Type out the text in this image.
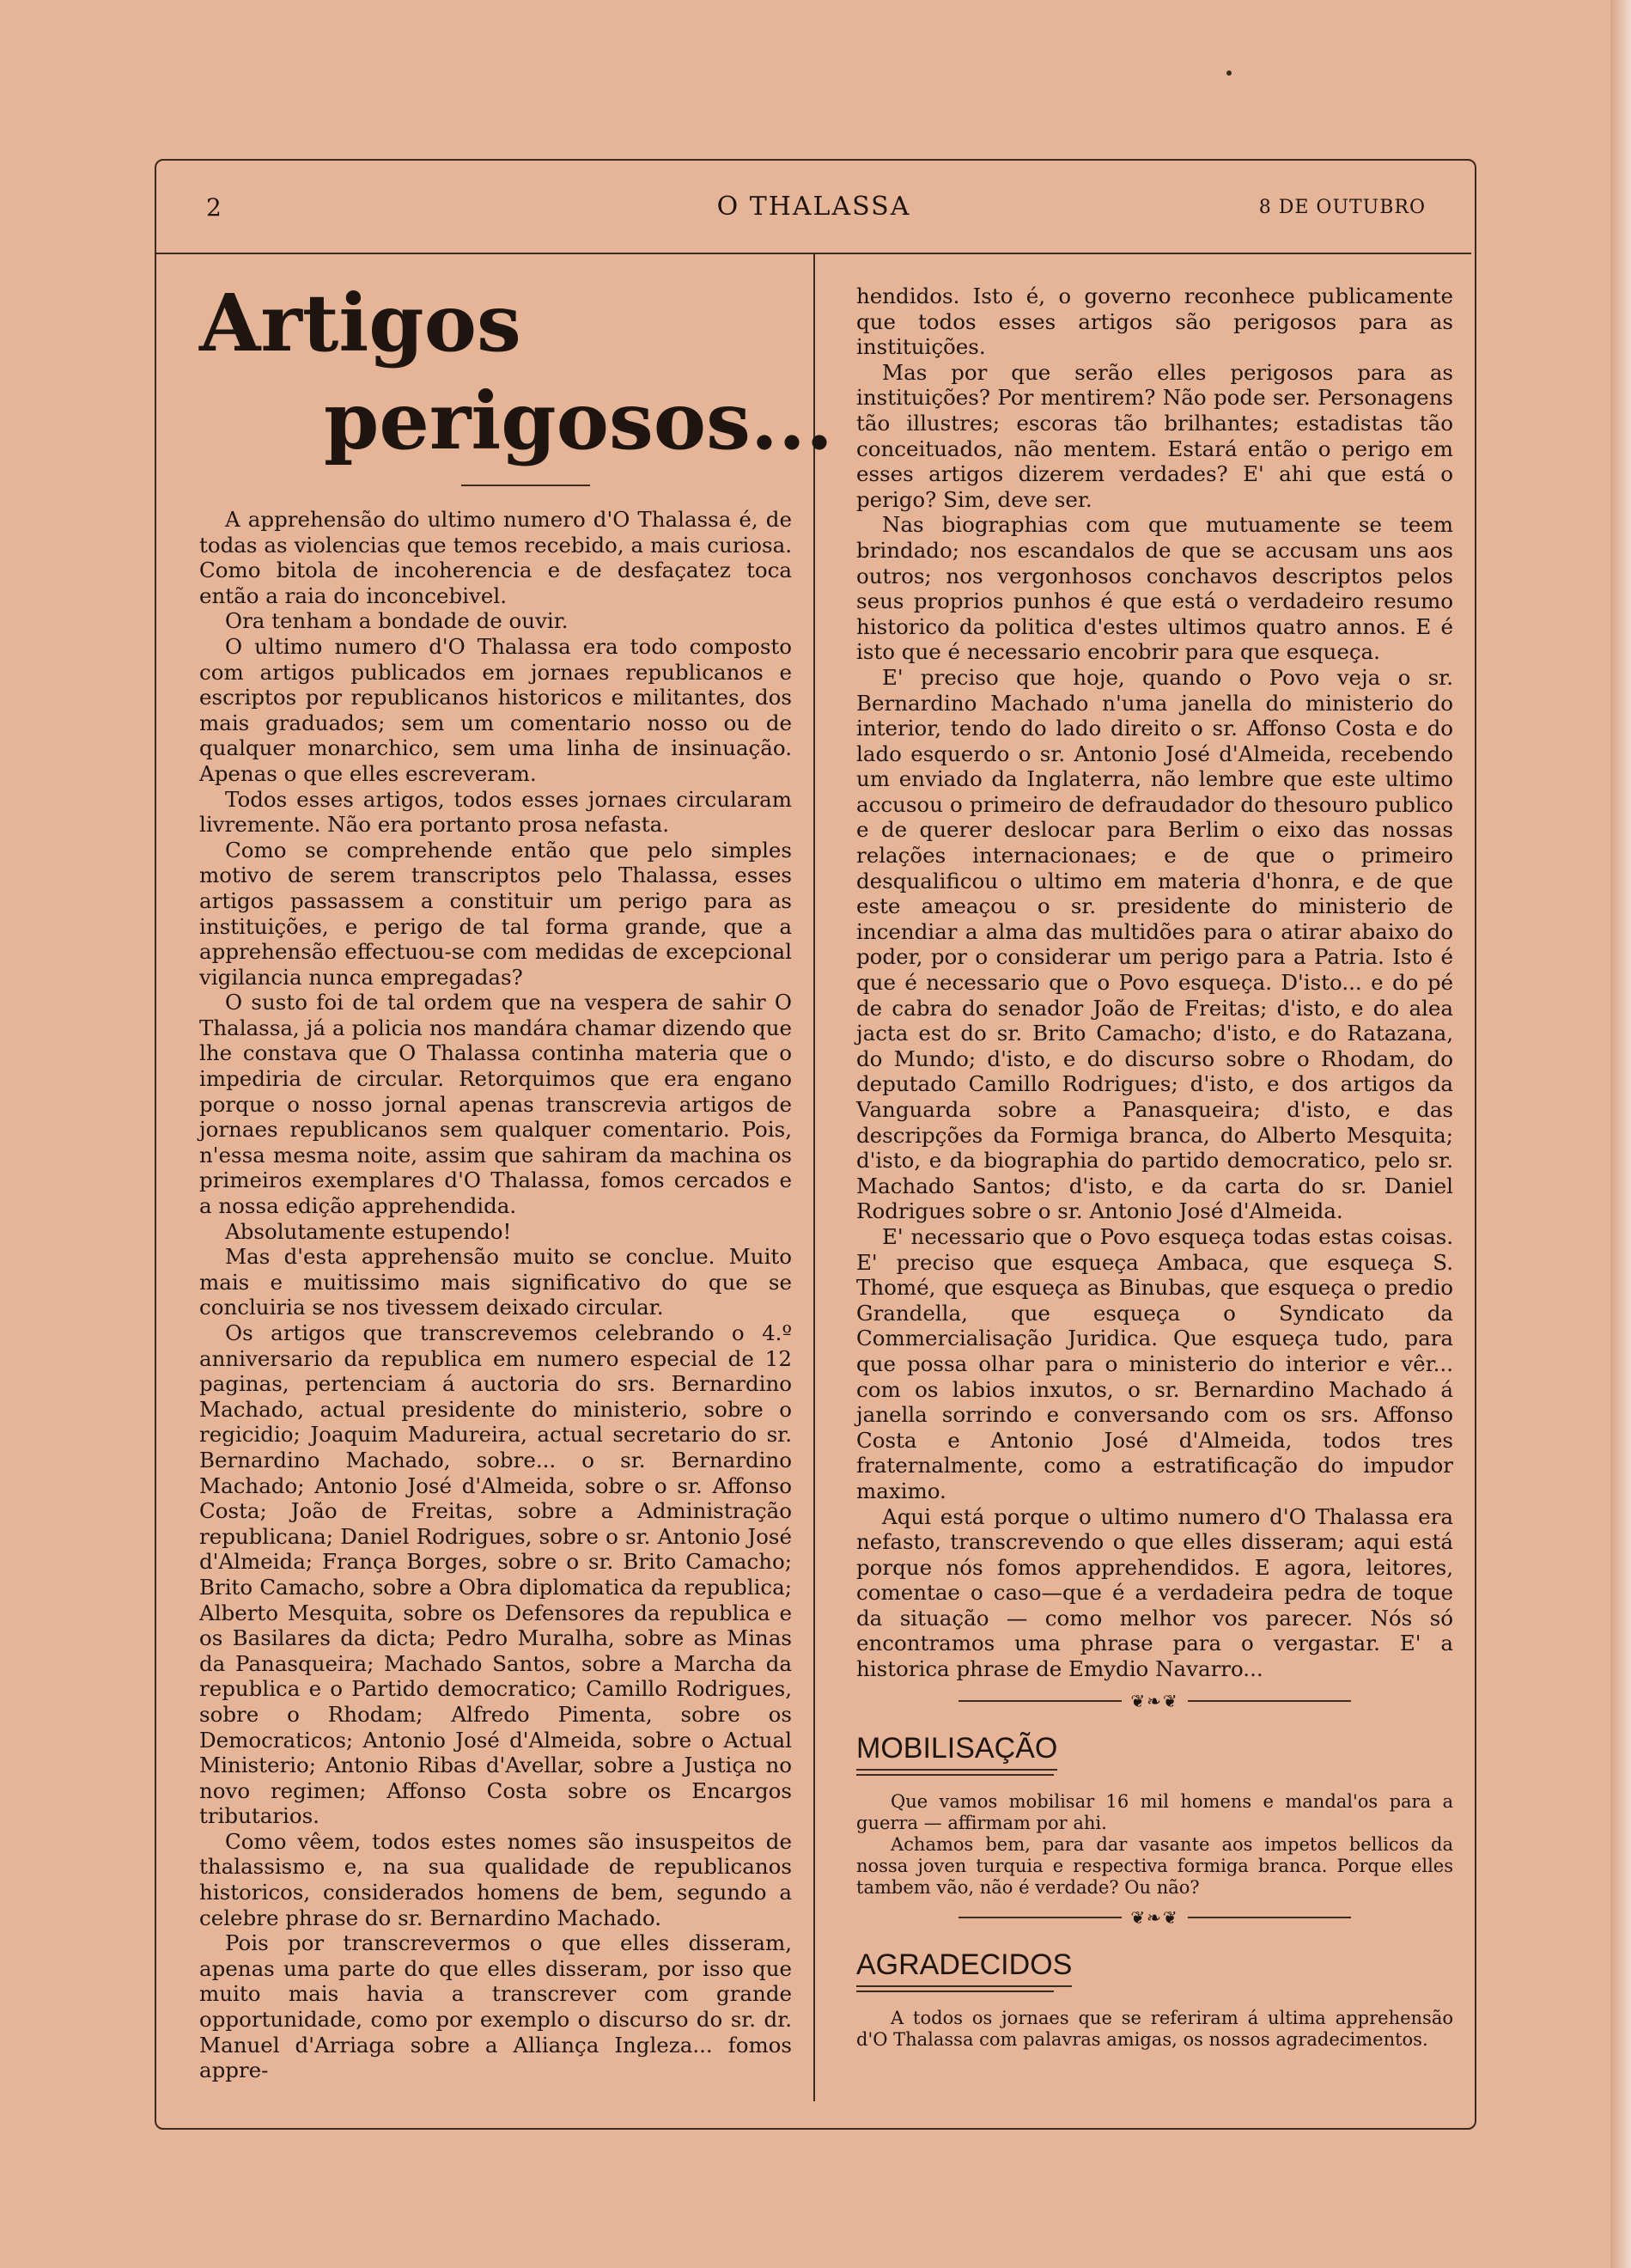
2	O THALASSA	8 DE OUTUBRO
Artigos
perigosos...

A apprehensão do ultimo numero d'O Thalassa é, de todas as violencias que temos recebido, a mais curiosa. Como bitola de incoherencia e de desfaçatez toca então a raia do inconcebivel.

Ora tenham a bondade de ouvir.

O ultimo numero d'O Thalassa era todo composto com artigos publicados em jornaes republicanos e escriptos por republicanos historicos e militantes, dos mais graduados; sem um comentario nosso ou de qualquer monarchico, sem uma linha de insinuação. Apenas o que elles escreveram.

Todos esses artigos, todos esses jornaes circularam livremente. Não era portanto prosa nefasta.

Como se comprehende então que pelo simples motivo de serem transcriptos pelo Thalassa, esses artigos passassem a constituir um perigo para as instituições, e perigo de tal forma grande, que a apprehensão effectuou-se com medidas de excepcional vigilancia nunca empregadas?

O susto foi de tal ordem que na vespera de sahir O Thalassa, já a policia nos mandára chamar dizendo que lhe constava que O Thalassa continha materia que o impediria de circular. Retorquimos que era engano porque o nosso jornal apenas transcrevia artigos de jornaes republicanos sem qualquer comentario. Pois, n'essa mesma noite, assim que sahiram da machina os primeiros exemplares d'O Thalassa, fomos cercados e a nossa edição apprehendida.

Absolutamente estupendo!

Mas d'esta apprehensão muito se conclue. Muito mais e muitissimo mais significativo do que se concluiria se nos tivessem deixado circular.

Os artigos que transcrevemos celebrando o 4.º anniversario da republica em numero especial de 12 paginas, pertenciam á auctoria do srs. Bernardino Machado, actual presidente do ministerio, sobre o regicidio; Joaquim Madureira, actual secretario do sr. Bernardino Machado, sobre... o sr. Bernardino Machado; Antonio José d'Almeida, sobre o sr. Affonso Costa; João de Freitas, sobre a Administração republicana; Daniel Rodrigues, sobre o sr. Antonio José d'Almeida; França Borges, sobre o sr. Brito Camacho; Brito Camacho, sobre a Obra diplomatica da republica; Alberto Mesquita, sobre os Defensores da republica e os Basilares da dicta; Pedro Muralha, sobre as Minas da Panasqueira; Machado Santos, sobre a Marcha da republica e o Partido democratico; Camillo Rodrigues, sobre o Rhodam; Alfredo Pimenta, sobre os Democraticos; Antonio José d'Almeida, sobre o Actual Ministerio; Antonio Ribas d'Avellar, sobre a Justiça no novo regimen; Affonso Costa sobre os Encargos tributarios.

Como vêem, todos estes nomes são insuspeitos de thalassismo e, na sua qualidade de republicanos historicos, considerados homens de bem, segundo a celebre phrase do sr. Bernardino Machado.

Pois por transcrevermos o que elles disseram, apenas uma parte do que elles disseram, por isso que muito mais havia a transcrever com grande opportunidade, como por exemplo o discurso do sr. dr. Manuel d'Arriaga sobre a Alliança Ingleza... fomos appre-

hendidos. Isto é, o governo reconhece publicamente que todos esses artigos são perigosos para as instituições.

Mas por que serão elles perigosos para as instituições? Por mentirem? Não pode ser. Personagens tão illustres; escoras tão brilhantes; estadistas tão conceituados, não mentem. Estará então o perigo em esses artigos dizerem verdades? E' ahi que está o perigo? Sim, deve ser.

Nas biographias com que mutuamente se teem brindado; nos escandalos de que se accusam uns aos outros; nos vergonhosos conchavos descriptos pelos seus proprios punhos é que está o verdadeiro resumo historico da politica d'estes ultimos quatro annos. E é isto que é necessario encobrir para que esqueça.

E' preciso que hoje, quando o Povo veja o sr. Bernardino Machado n'uma janella do ministerio do interior, tendo do lado direito o sr. Affonso Costa e do lado esquerdo o sr. Antonio José d'Almeida, recebendo um enviado da Inglaterra, não lembre que este ultimo accusou o primeiro de defraudador do thesouro publico e de querer deslocar para Berlim o eixo das nossas relações internacionaes; e de que o primeiro desqualificou o ultimo em materia d'honra, e de que este ameaçou o sr. presidente do ministerio de incendiar a alma das multidões para o atirar abaixo do poder, por o considerar um perigo para a Patria. Isto é que é necessario que o Povo esqueça. D'isto... e do pé de cabra do senador João de Freitas; d'isto, e do alea jacta est do sr. Brito Camacho; d'isto, e do Ratazana, do Mundo; d'isto, e do discurso sobre o Rhodam, do deputado Camillo Rodrigues; d'isto, e dos artigos da Vanguarda sobre a Panasqueira; d'isto, e das descripções da Formiga branca, do Alberto Mesquita; d'isto, e da biographia do partido democratico, pelo sr. Machado Santos; d'isto, e da carta do sr. Daniel Rodrigues sobre o sr. Antonio José d'Almeida.

E' necessario que o Povo esqueça todas estas coisas. E' preciso que esqueça Ambaca, que esqueça S. Thomé, que esqueça as Binubas, que esqueça o predio Grandella, que esqueça o Syndicato da Commercialisação Juridica. Que esqueça tudo, para que possa olhar para o ministerio do interior e vêr... com os labios inxutos, o sr. Bernardino Machado á janella sorrindo e conversando com os srs. Affonso Costa e Antonio José d'Almeida, todos tres fraternalmente, como a estratificação do impudor maximo.

Aqui está porque o ultimo numero d'O Thalassa era nefasto, transcrevendo o que elles disseram; aqui está porque nós fomos apprehendidos. E agora, leitores, comentae o caso—que é a verdadeira pedra de toque da situação — como melhor vos parecer. Nós só encontramos uma phrase para o vergastar. E' a historica phrase de Emydio Navarro...

❦❧❦
MOBILISAÇÃO

Que vamos mobilisar 16 mil homens e mandal'os para a guerra — affirmam por ahi.

Achamos bem, para dar vasante aos impetos bellicos da nossa joven turquia e respectiva formiga branca. Porque elles tambem vão, não é verdade? Ou não?

❦❧❦
AGRADECIDOS

A todos os jornaes que se referiram á ultima apprehensão d'O Thalassa com palavras amigas, os nossos agradecimentos.
